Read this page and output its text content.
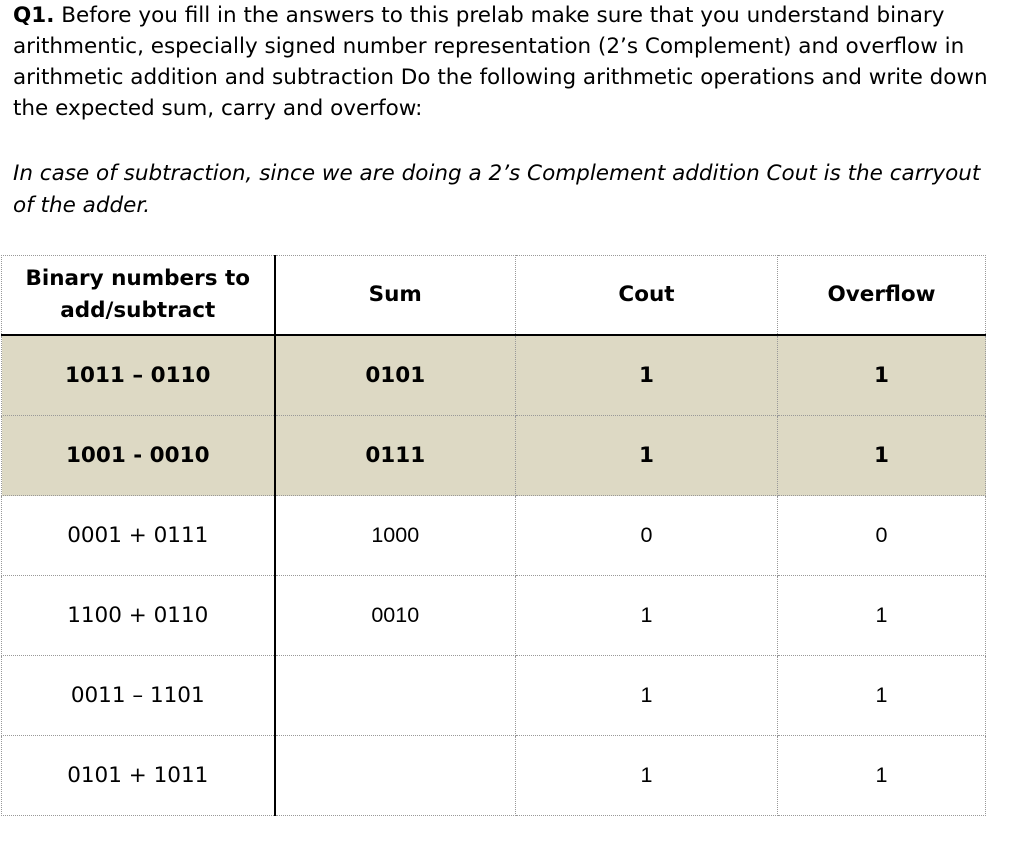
Q1. Before you fill in the answers to this prelab make sure that you understand binary arithmentic, especially signed number representation (2’s Complement) and overflow in arithmetic addition and subtraction Do the following arithmetic operations and write down the expected sum, carry and overfow:

In case of subtraction, since we are doing a 2’s Complement addition Cout is the carryout of the adder.
Binary numbers to add/subtract	Sum	Cout	Overflow
1011 – 0110	0101	1	1
1001 - 0010	0111	1	1
0001 + 0111	1000	0	0
1100 + 0110	0010	1	1
0011 – 1101		1	1
0101 + 1011		1	1
